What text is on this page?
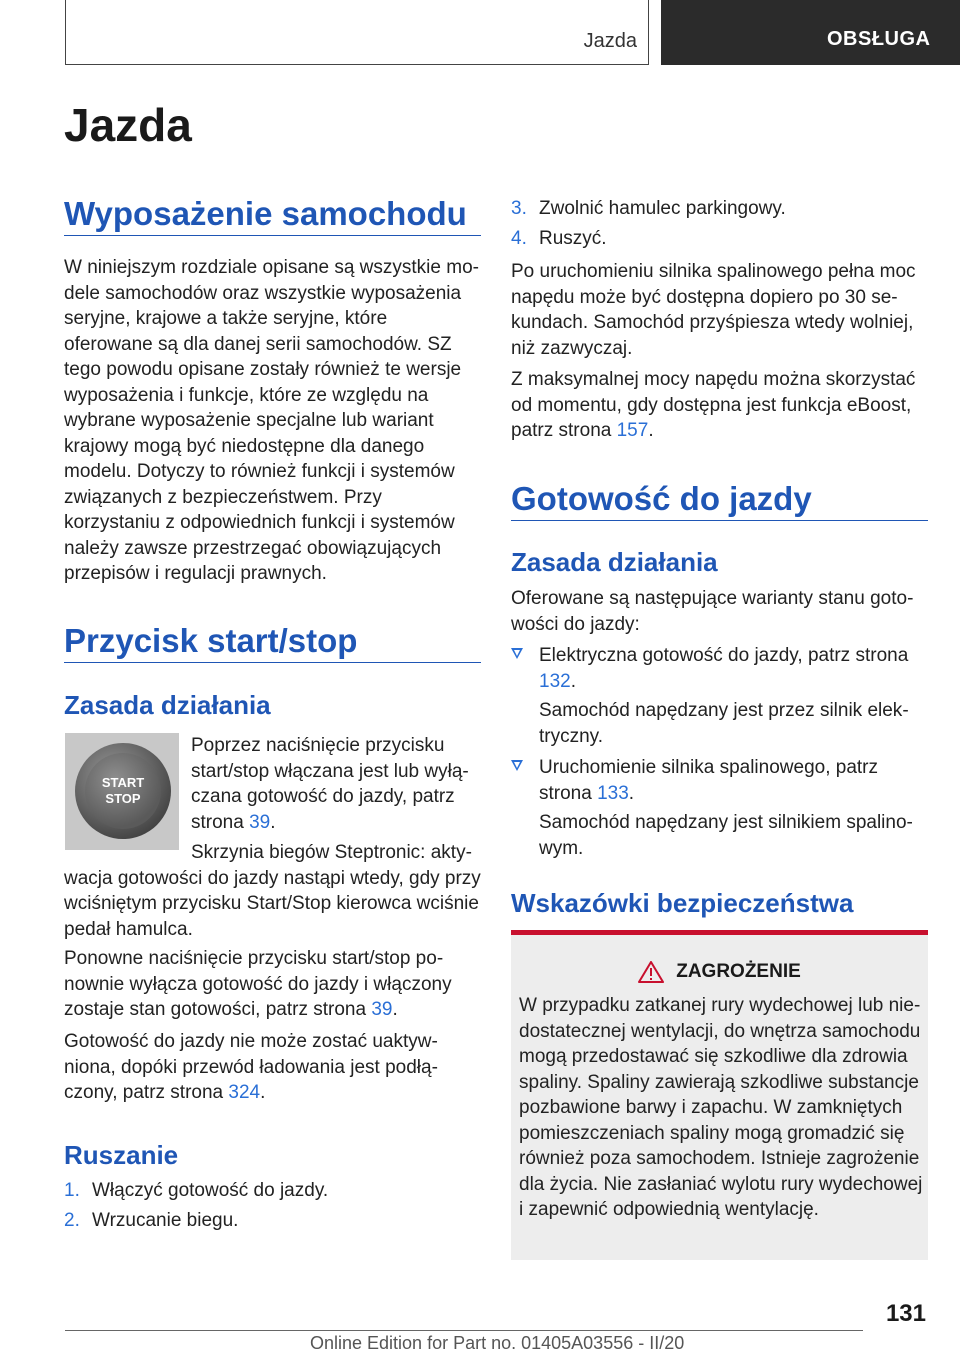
Jazda	OBSŁUGA
Jazda
Wyposażenie samochodu

W niniejszym rozdziale opisane są wszystkie modele samochodów oraz wszystkie wyposażenia seryjne, krajowe a także seryjne, które oferowane są dla danej serii samochodów. SZ tego powodu opisane zostały również te wersje wyposażenia i funkcje, które ze względu na wybrane wyposażenie specjalne lub wariant krajowy mogą być niedostępne dla danego modelu. Dotyczy to również funkcji i systemów związanych z bezpieczeństwem. Przy korzystaniu z odpowiednich funkcji i systemów należy zawsze przestrzegać obowiązujących przepisów i regulacji prawnych.

Przycisk start/stop
Zasada działania
START
STOP

Poprzez naciśnięcie przycisku start/stop włączana jest lub wyłączana gotowość do jazdy, patrz strona 39.

Skrzynia biegów Steptronic: aktywacja gotowości do jazdy nastąpi wtedy, gdy przy wciśniętym przycisku Start/Stop kierowca wciśnie pedał hamulca.

Ponowne naciśnięcie przycisku start/stop ponownie wyłącza gotowość do jazdy i włączony zostaje stan gotowości, patrz strona 39.

Gotowość do jazdy nie może zostać uaktywniona, dopóki przewód ładowania jest podłączony, patrz strona 324.

Ruszanie
1. Włączyć gotowość do jazdy.
2. Wrzucanie biegu.
3. Zwolnić hamulec parkingowy.
4. Ruszyć.

Po uruchomieniu silnika spalinowego pełna moc napędu może być dostępna dopiero po 30 sekundach. Samochód przyśpiesza wtedy wolniej, niż zazwyczaj.

Z maksymalnej mocy napędu można skorzystać od momentu, gdy dostępna jest funkcja eBoost, patrz strona 157.

Gotowość do jazdy
Zasada działania

Oferowane są następujące warianty stanu gotowości do jazdy:

Elektryczna gotowość do jazdy, patrz strona 132.
Samochód napędzany jest przez silnik elektryczny.
Uruchomienie silnika spalinowego, patrz strona 133.
Samochód napędzany jest silnikiem spalinowym.
Wskazówki bezpieczeństwa
ZAGROŻENIE

W przypadku zatkanej rury wydechowej lub niedostatecznej wentylacji, do wnętrza samochodu mogą przedostawać się szkodliwe dla zdrowia spaliny. Spaliny zawierają szkodliwe substancje pozbawione barwy i zapachu. W zamkniętych pomieszczeniach spaliny mogą gromadzić się również poza samochodem. Istnieje zagrożenie dla życia. Nie zasłaniać wylotu rury wydechowej i zapewnić odpowiednią wentylację.

131
Online Edition for Part no. 01405A03556 - II/20
